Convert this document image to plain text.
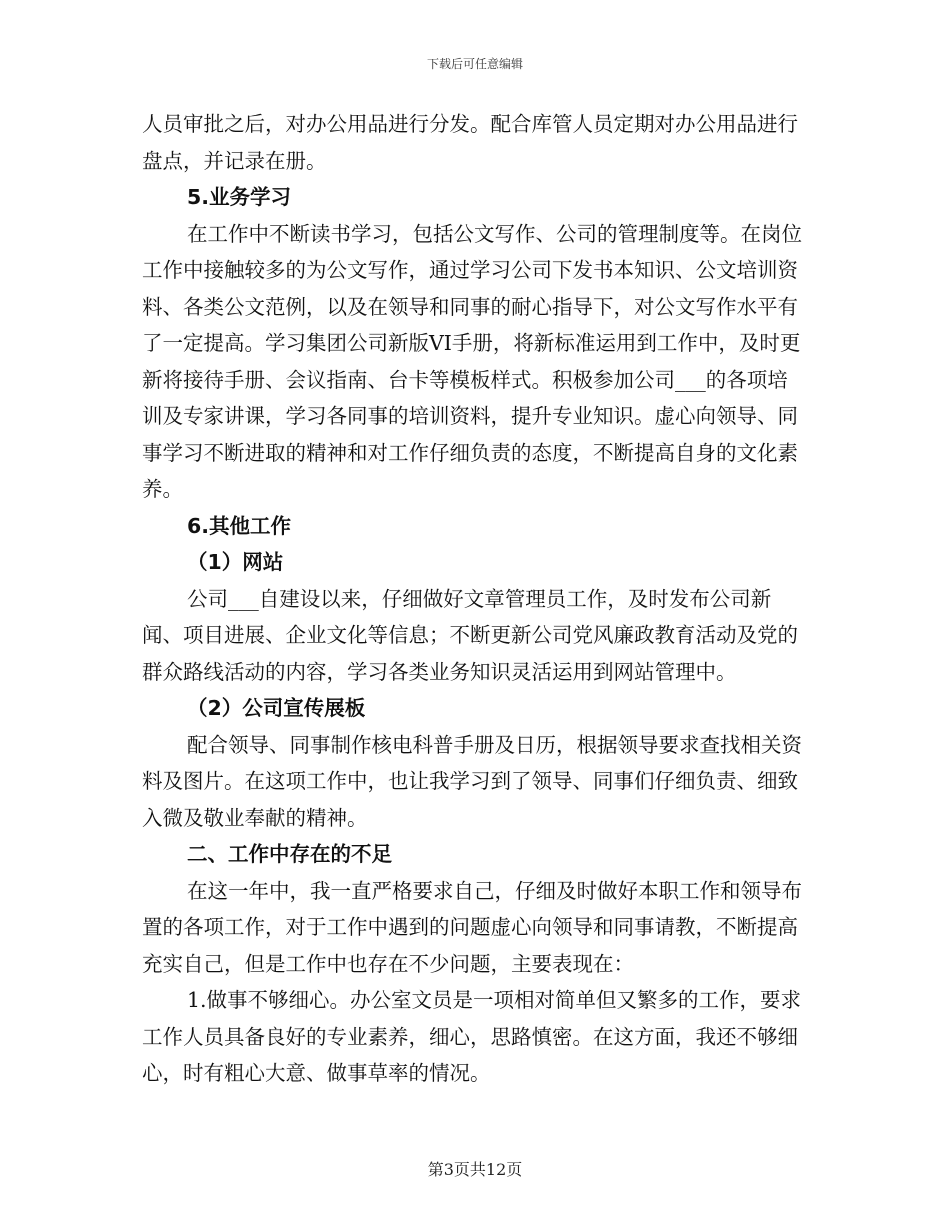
下载后可任意编辑

人员审批之后，对办公用品进行分发。配合库管人员定期对办公用品进行盘点，并记录在册。

5.业务学习

在工作中不断读书学习，包括公文写作、公司的管理制度等。在岗位工作中接触较多的为公文写作，通过学习公司下发书本知识、公文培训资料、各类公文范例，以及在领导和同事的耐心指导下，对公文写作水平有了一定提高。学习集团公司新版VI手册，将新标准运用到工作中，及时更新将接待手册、会议指南、台卡等模板样式。积极参加公司___的各项培训及专家讲课，学习各同事的培训资料，提升专业知识。虚心向领导、同事学习不断进取的精神和对工作仔细负责的态度，不断提高自身的文化素养。

6.其他工作

（1）网站

公司___自建设以来，仔细做好文章管理员工作，及时发布公司新闻、项目进展、企业文化等信息；不断更新公司党风廉政教育活动及党的群众路线活动的内容，学习各类业务知识灵活运用到网站管理中。

（2）公司宣传展板

配合领导、同事制作核电科普手册及日历，根据领导要求查找相关资料及图片。在这项工作中，也让我学习到了领导、同事们仔细负责、细致入微及敬业奉献的精神。

二、工作中存在的不足

在这一年中，我一直严格要求自己，仔细及时做好本职工作和领导布置的各项工作，对于工作中遇到的问题虚心向领导和同事请教，不断提高充实自己，但是工作中也存在不少问题，主要表现在：

1.做事不够细心。办公室文员是一项相对简单但又繁多的工作，要求工作人员具备良好的专业素养，细心，思路慎密。在这方面，我还不够细心，时有粗心大意、做事草率的情况。

第3页共12页
